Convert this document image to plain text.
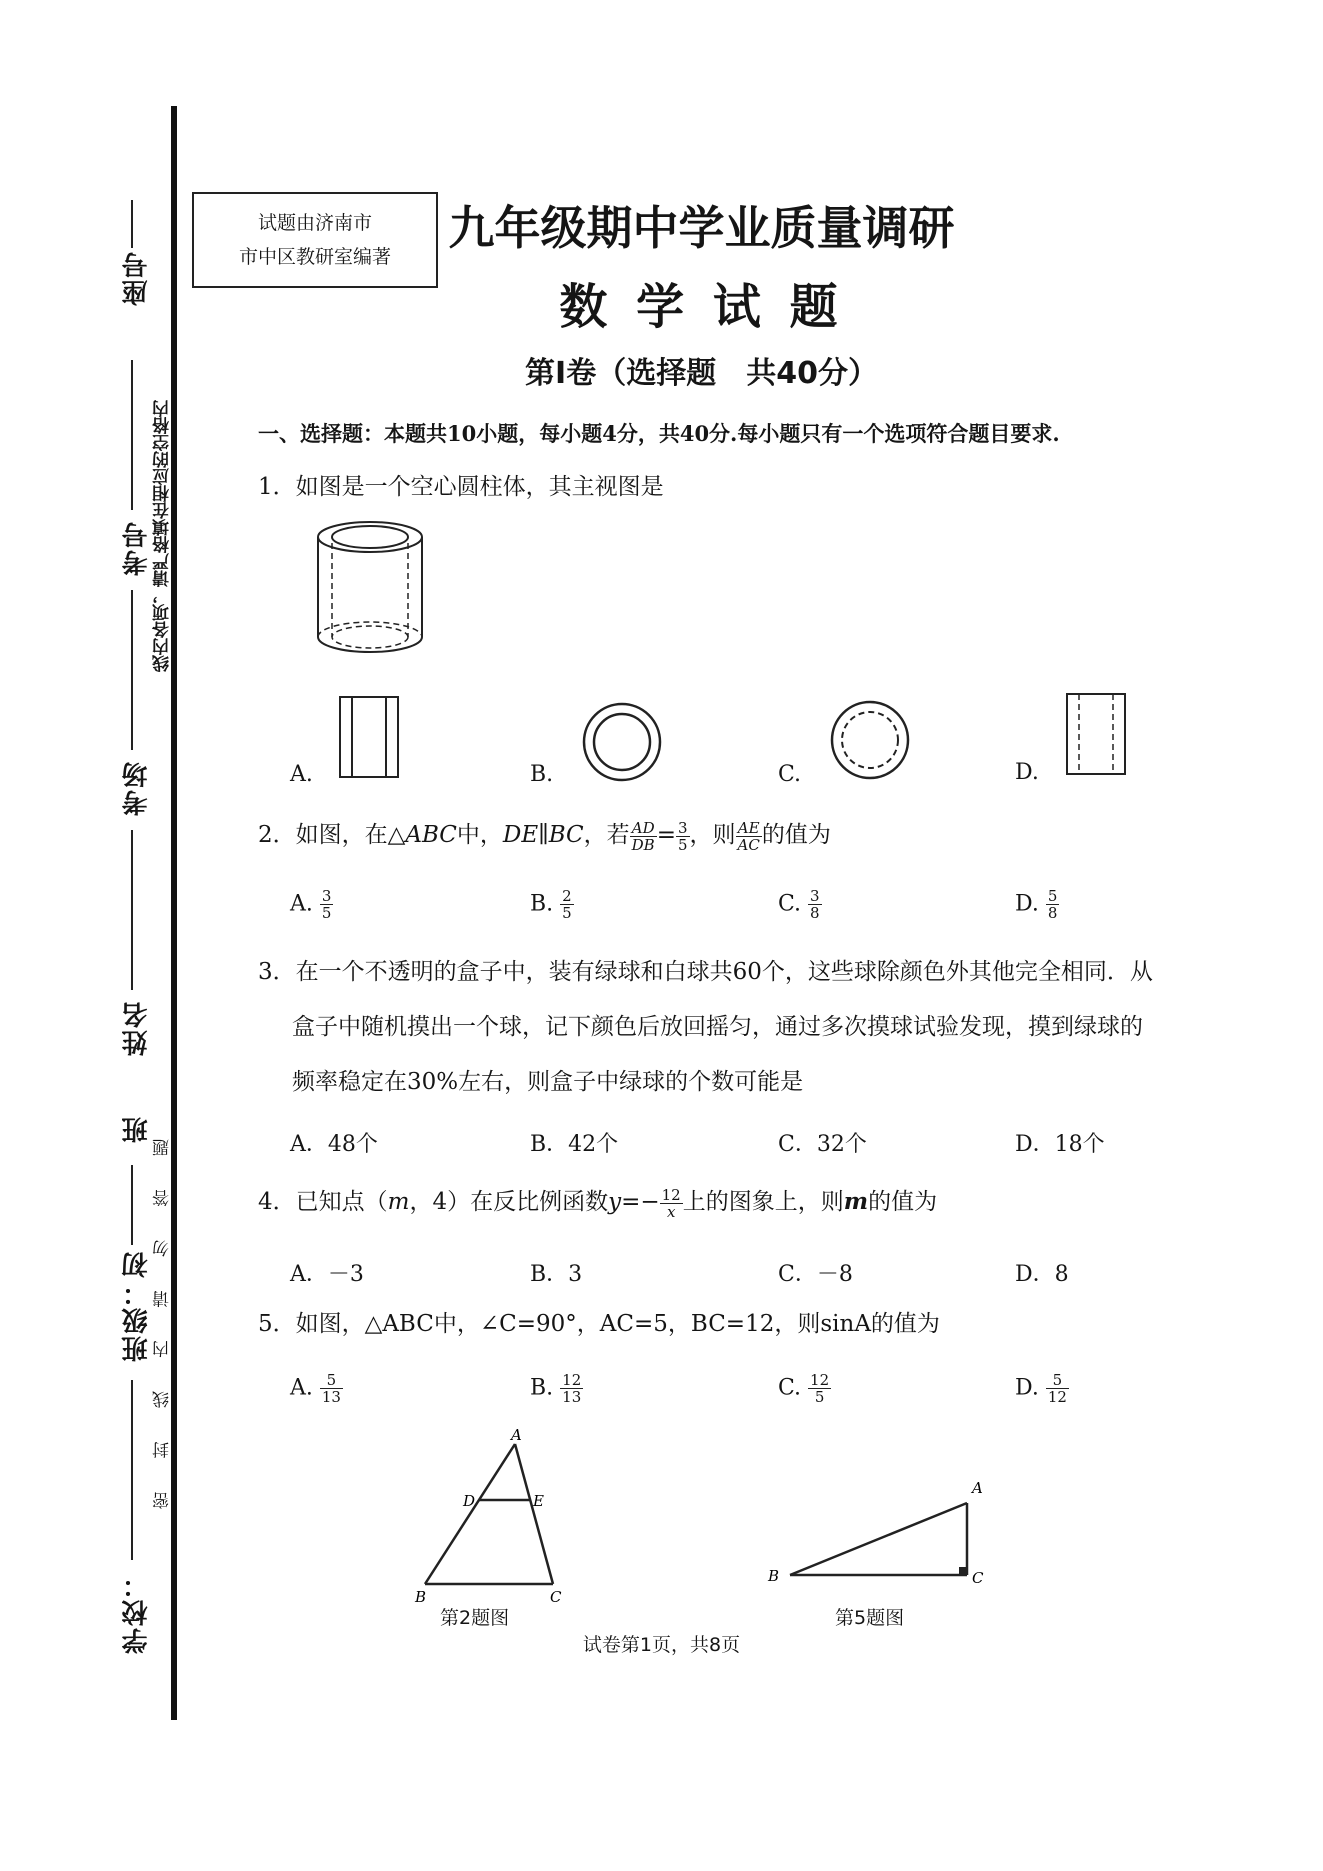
座号
考号 线内各项，请严格填在相应的空格内
考场
姓名
班
班级：初
学校：
密 封 线 内 请 勿 答 题
试题由济南市
市中区教研室编著
九年级期中学业质量调研
数 学 试 题
第Ⅰ卷（选择题　共40分）
一、选择题：本题共10小题，每小题4分，共40分.每小题只有一个选项符合题目要求.
1．如图是一个空心圆柱体，其主视图是
A.	B.	C.	D.
2．如图，在△ABC中，DE∥BC，若 $\frac{AD}{DB} = \frac{3}{5}$ ，则 $\frac{AE}{AC}$ 的值为
A. $\frac{3}{5}$	B. $\frac{2}{5}$	C. $\frac{3}{8}$	D. $\frac{5}{8}$
3．在一个不透明的盒子中，装有绿球和白球共60个，这些球除颜色外其他完全相同．从
盒子中随机摸出一个球，记下颜色后放回摇匀，通过多次摸球试验发现，摸到绿球的
频率稳定在30%左右，则盒子中绿球的个数可能是
A．48个	B．42个	C．32个	D．18个
4．已知点（m，4）在反比例函数$y=- \frac{12}{x}$ 上的图象上，则m的值为
A．－3	B．3	C．－8	D．8
5．如图，△ABC中，∠C=90°，AC=5，BC=12，则sinA的值为
A. $\frac{5}{13}$	B. $\frac{12}{13}$	C. $\frac{12}{5}$	D. $\frac{5}{12}$
A
D	E
B	C
第2题图
A
B	C
第5题图
试卷第1页，共8页
